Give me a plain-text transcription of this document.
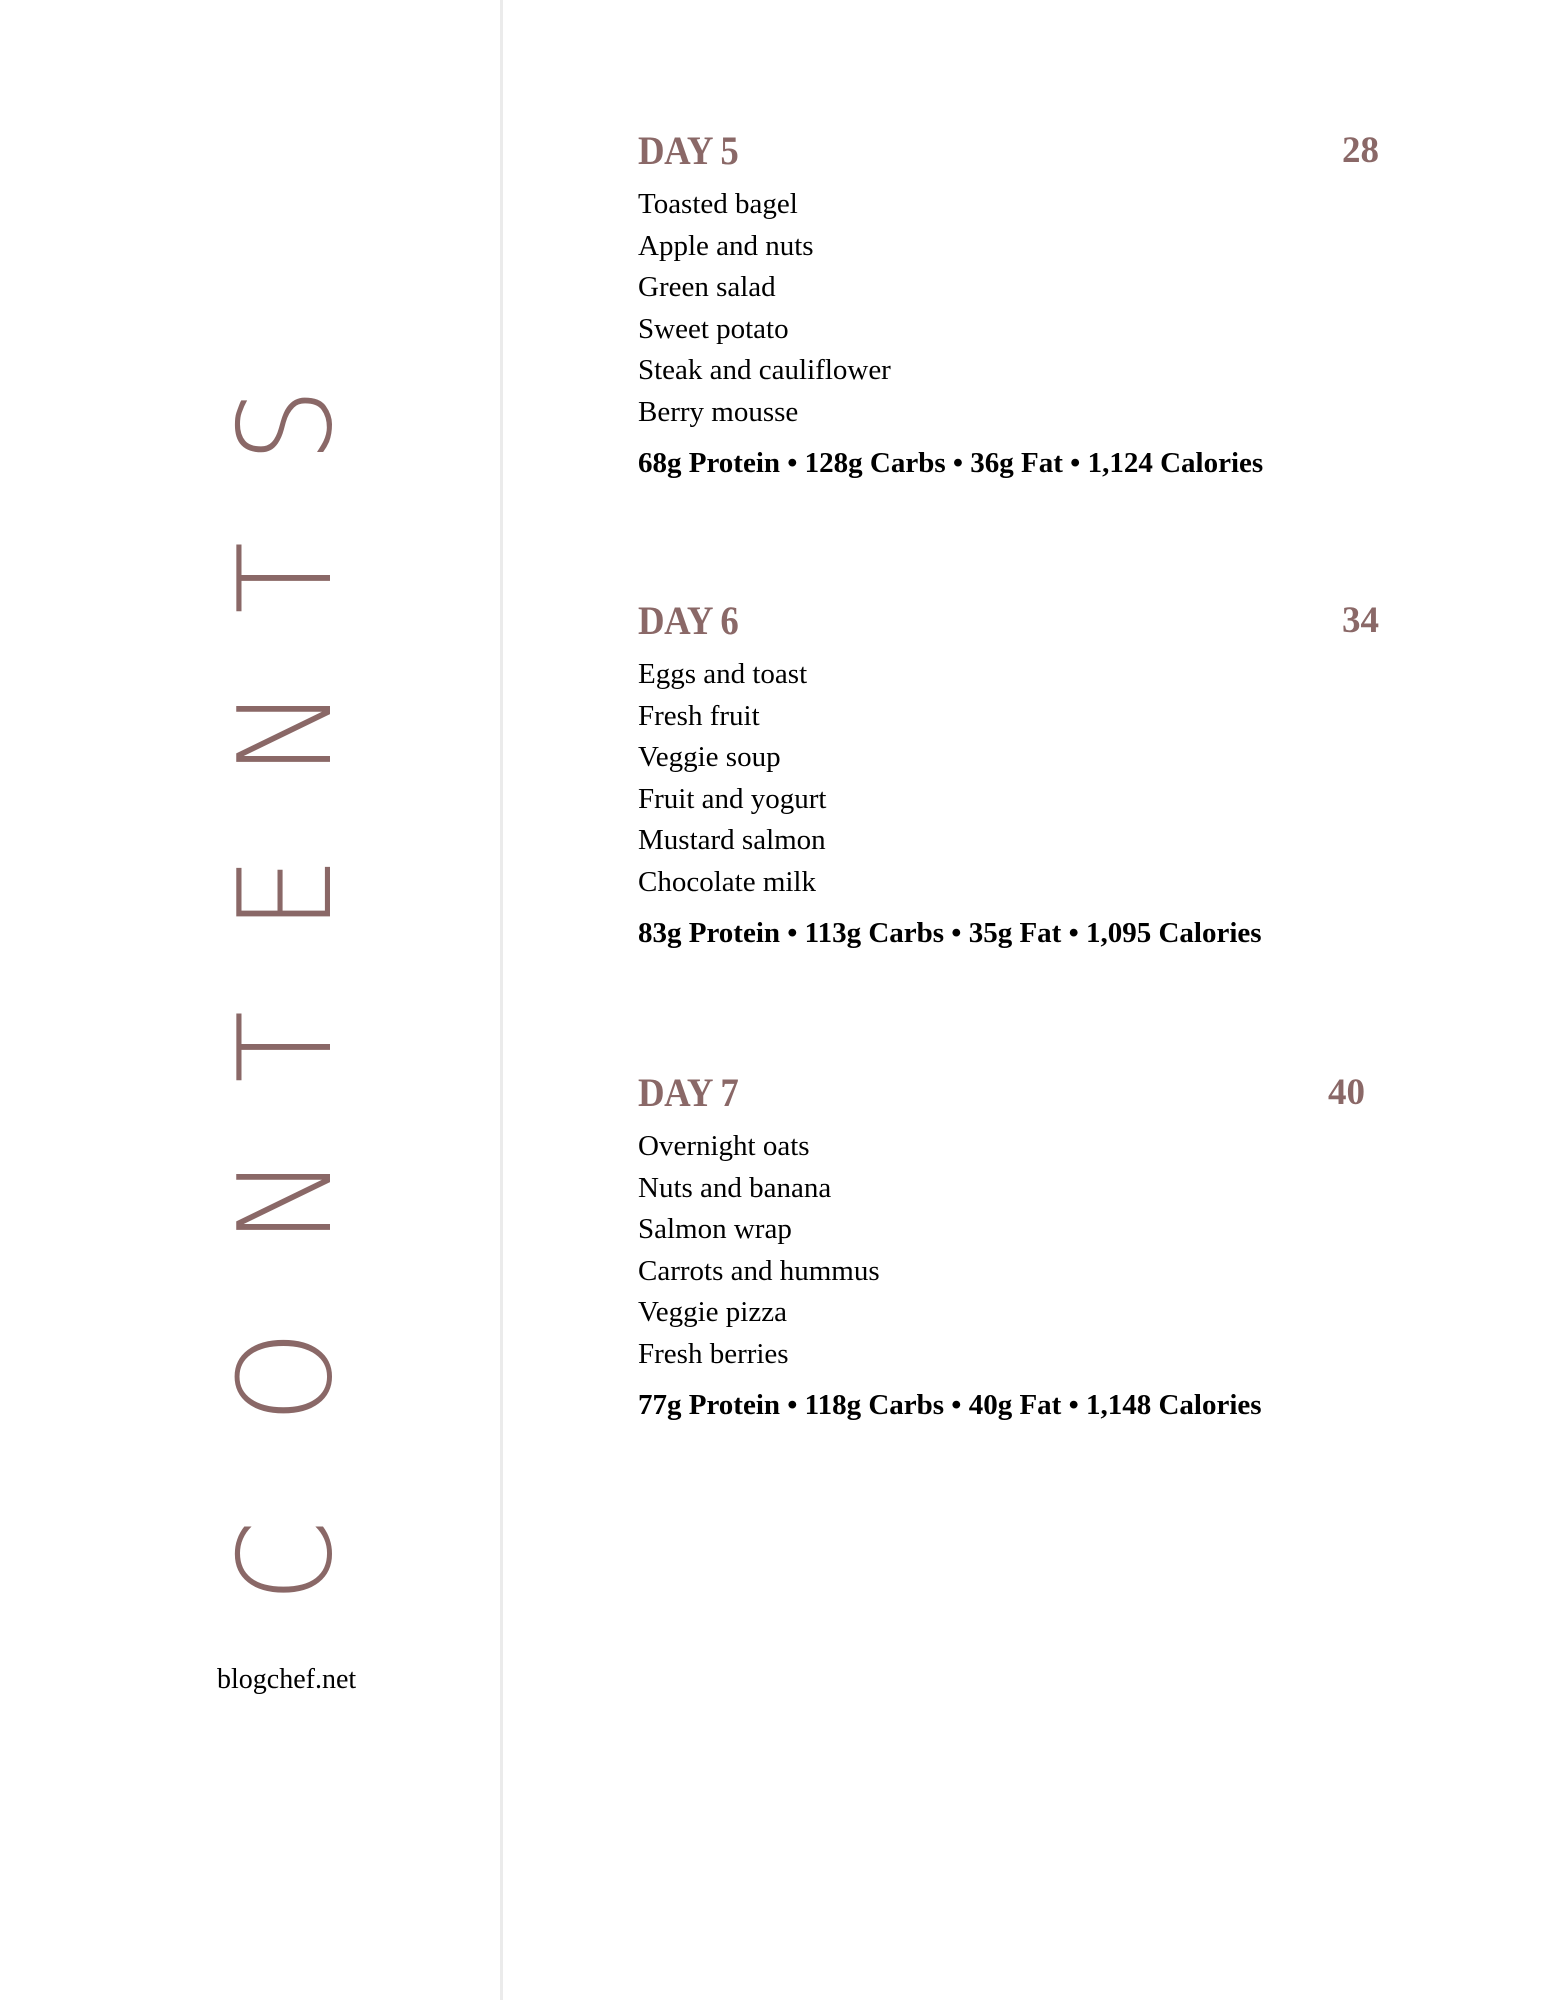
C
O
N
T
E
N
T
S
blogchef.net
DAY 5	28
Toasted bagel
Apple and nuts
Green salad
Sweet potato
Steak and cauliflower
Berry mousse
68g Protein • 128g Carbs • 36g Fat • 1,124 Calories
DAY 6	34
Eggs and toast
Fresh fruit
Veggie soup
Fruit and yogurt
Mustard salmon
Chocolate milk
83g Protein • 113g Carbs • 35g Fat • 1,095 Calories
DAY 7	40
Overnight oats
Nuts and banana
Salmon wrap
Carrots and hummus
Veggie pizza
Fresh berries
77g Protein • 118g Carbs • 40g Fat • 1,148 Calories
